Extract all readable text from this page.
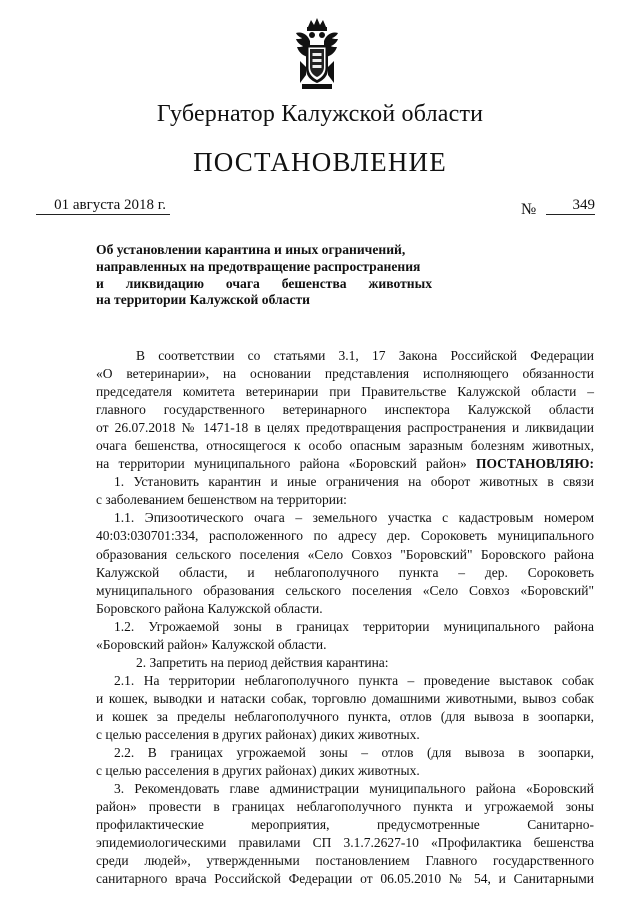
Губернатор Калужской области
ПОСТАНОВЛЕНИЕ
01 августа 2018 г.	№	349
Об установлении карантина и иных ограничений,
направленных на предотвращение распространения
и ликвидацию очага бешенства животных
на территории Калужской области
В соответствии со статьями 3.1, 17 Закона Российской Федерации
«О ветеринарии», на основании представления исполняющего обязанности
председателя комитета ветеринарии при Правительстве Калужской области –
главного государственного ветеринарного инспектора Калужской области
от 26.07.2018 № 1471-18 в целях предотвращения распространения и ликвидации
очага бешенства, относящегося к особо опасным заразным болезням животных,
на территории муниципального района «Боровский район» ПОСТАНОВЛЯЮ:
1. Установить карантин и иные ограничения на оборот животных в связи
с заболеванием бешенством на территории:
1.1. Эпизоотического очага – земельного участка с кадастровым номером
40:03:030701:334, расположенного по адресу дер. Сороковеть муниципального
образования сельского поселения «Село Совхоз "Боровский" Боровского района
Калужской области, и неблагополучного пункта – дер. Сороковеть
муниципального образования сельского поселения «Село Совхоз «Боровский"
Боровского района Калужской области.
1.2. Угрожаемой зоны в границах территории муниципального района
«Боровский район» Калужской области.
2. Запретить на период действия карантина:
2.1. На территории неблагополучного пункта – проведение выставок собак
и кошек, выводки и натаски собак, торговлю домашними животными, вывоз собак
и кошек за пределы неблагополучного пункта, отлов (для вывоза в зоопарки,
с целью расселения в других районах) диких животных.
2.2. В границах угрожаемой зоны – отлов (для вывоза в зоопарки,
с целью расселения в других районах) диких животных.
3. Рекомендовать главе администрации муниципального района «Боровский
район» провести в границах неблагополучного пункта и угрожаемой зоны
профилактические мероприятия, предусмотренные Санитарно-
эпидемиологическими правилами СП 3.1.7.2627-10 «Профилактика бешенства
среди людей», утвержденными постановлением Главного государственного
санитарного врача Российской Федерации от 06.05.2010 № 54, и Санитарными
